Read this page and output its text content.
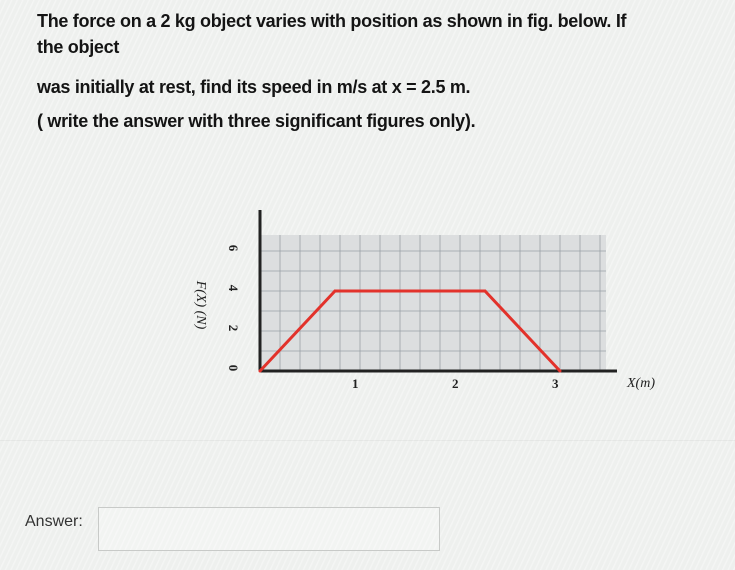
The force on a 2 kg object varies with position as shown in fig. below. If

the object

was initially at rest, find its speed in m/s at x = 2.5 m.

( write the answer with three significant figures only).

0
2
4
6
1	2	3
F(X) (N)
X(m)
Answer:
